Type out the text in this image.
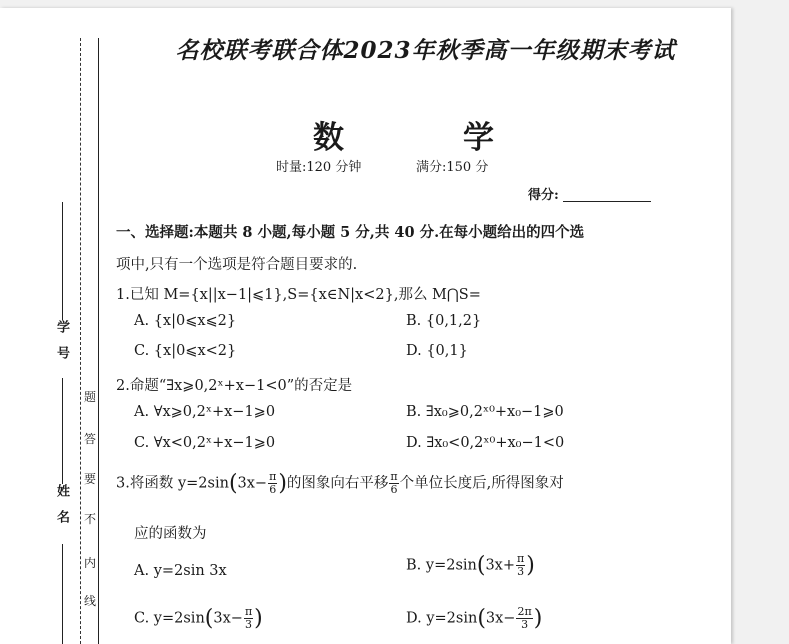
学　号
姓　名
线
内
不
要
答
题
名校联考联合体2023年秋季高一年级期末考试
数　学
时量:120 分钟	满分:150 分
得分:
一、选择题:本题共 8 小题,每小题 5 分,共 40 分.在每小题给出的四个选
项中,只有一个选项是符合题目要求的.
1.已知 M={x||x−1|⩽1},S={x∈N|x<2},那么 M⋂S=
A. {x|0⩽x⩽2}	B. {0,1,2}
C. {x|0⩽x<2}	D. {0,1}
2.命题“∃x⩾0,2ˣ+x−1<0”的否定是
A. ∀x⩾0,2ˣ+x−1⩾0	B. ∃x₀⩾0,2ˣ⁰+x₀−1⩾0
C. ∀x<0,2ˣ+x−1⩾0	D. ∃x₀<0,2ˣ⁰+x₀−1<0
3.将函数 $y=2\sin(3x- \frac{\pi}{6}$ )的图象向右平移 $\frac{\pi}{6}$ 个单位长度后,所得图象对
应的函数为
A. y=2sin 3x	B. $y=2\sin(3x+ \frac{\pi}{3}$ )
C. $y=2\sin(3x- \frac{\pi}{3}$ )	D. $y=2\sin(3x- \frac{2\pi}{3}$ )
